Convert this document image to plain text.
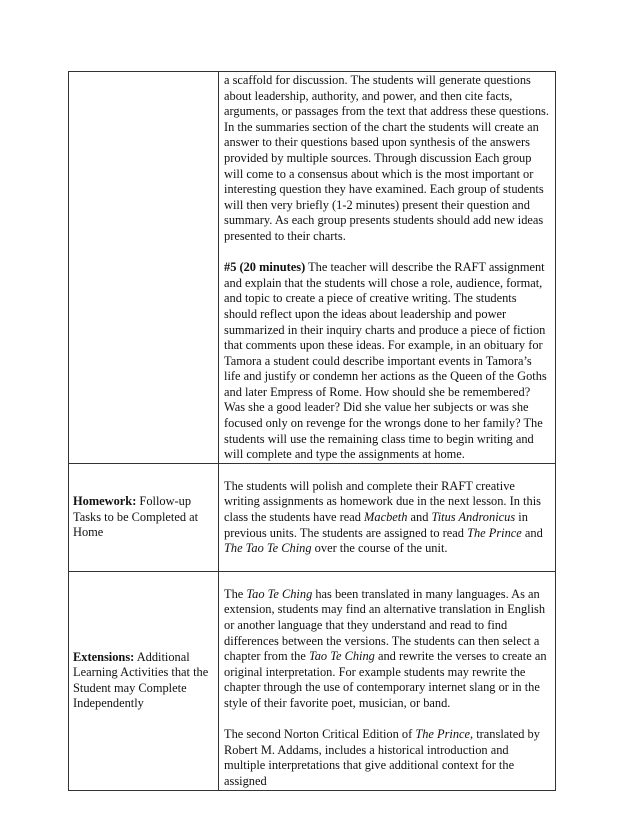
	a scaffold for discussion. The students will generate questions about leadership, authority, and power, and then cite facts, arguments, or passages from the text that address these questions. In the summaries section of the chart the students will create an answer to their questions based upon synthesis of the answers provided by multiple sources. Through discussion Each group will come to a consensus about which is the most important or interesting question they have examined. Each group of students will then very briefly (1-2 minutes) present their question and summary. As each group presents students should add new ideas presented to their charts.

#5 (20 minutes) The teacher will describe the RAFT assignment and explain that the students will chose a role, audience, format, and topic to create a piece of creative writing. The students should reflect upon the ideas about leadership and power summarized in their inquiry charts and produce a piece of fiction that comments upon these ideas. For example, in an obituary for Tamora a student could describe important events in Tamora’s life and justify or condemn her actions as the Queen of the Goths and later Empress of Rome. How should she be remembered? Was she a good leader? Did she value her subjects or was she focused only on revenge for the wrongs done to her family? The students will use the remaining class time to begin writing and will complete and type the assignments at home.

Homework: Follow-up Tasks to be Completed at Home	The students will polish and complete their RAFT creative writing assignments as homework due in the next lesson. In this class the students have read Macbeth and Titus Andronicus in previous units. The students are assigned to read The Prince and The Tao Te Ching over the course of the unit.

Extensions: Additional Learning Activities that the Student may Complete Independently	The Tao Te Ching has been translated in many languages. As an extension, students may find an alternative translation in English or another language that they understand and read to find differences between the versions. The students can then select a chapter from the Tao Te Ching and rewrite the verses to create an original interpretation. For example students may rewrite the chapter through the use of contemporary internet slang or in the style of their favorite poet, musician, or band.

The second Norton Critical Edition of The Prince, translated by Robert M. Addams, includes a historical introduction and multiple interpretations that give additional context for the assigned
